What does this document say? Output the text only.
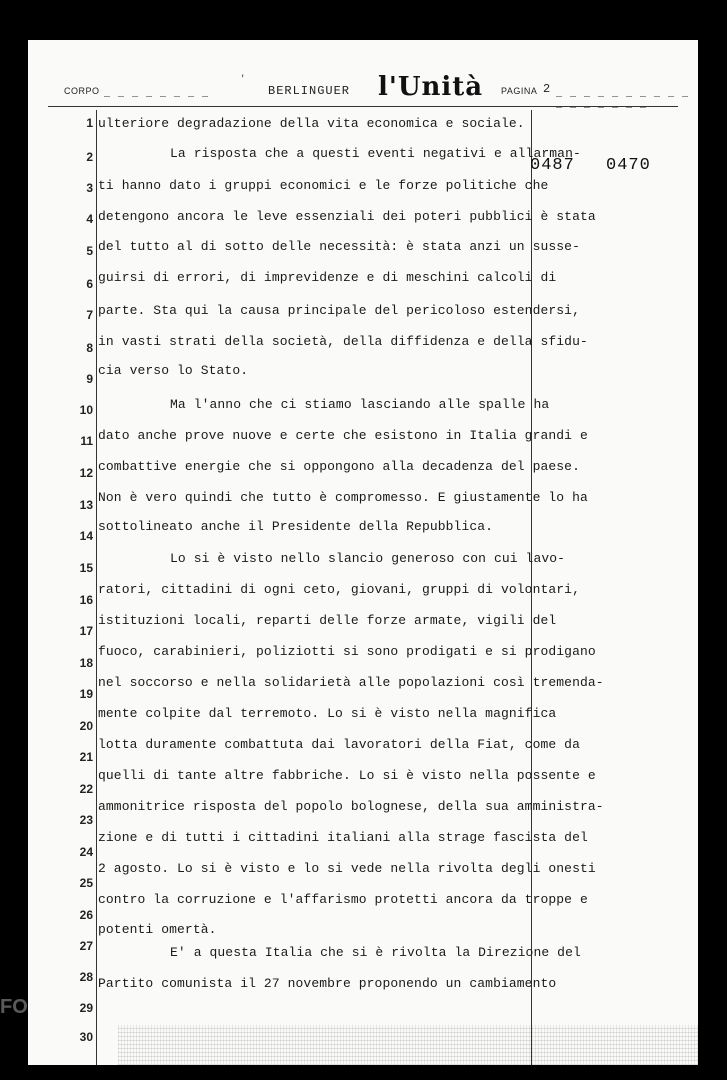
'
CORPO _ _ _ _ _ _ _ _	BERLINGUER l'Unità PAGINA 2 _ _ _ _ _ _ _ _ _ _ _ _ _ _ _ _ _
0487 0470
1
2
3
4
5
6
7
8
9
10
11
12
13
14
15
16
17
18
19
20
21
22
23
24
25
26
27
28
29
30
ulteriore degradazione della vita economica e sociale.
La risposta che a questi eventi negativi e allarman-
ti hanno dato i gruppi economici e le forze politiche che
detengono ancora le leve essenziali dei poteri pubblici è stata
del tutto al di sotto delle necessità: è stata anzi un susse-
guirsi di errori, di imprevidenze e di meschini calcoli di
parte. Sta qui la causa principale del pericoloso estendersi,
in vasti strati della società, della diffidenza e della sfidu-
cia verso lo Stato.
Ma l'anno che ci stiamo lasciando alle spalle ha
dato anche prove nuove e certe che esistono in Italia grandi e
combattive energie che si oppongono alla decadenza del paese.
Non è vero quindi che tutto è compromesso. E giustamente lo ha
sottolineato anche il Presidente della Repubblica.
Lo si è visto nello slancio generoso con cui lavo-
ratori, cittadini di ogni ceto, giovani, gruppi di volontari,
istituzioni locali, reparti delle forze armate, vigili del
fuoco, carabinieri, poliziotti si sono prodigati e si prodigano
nel soccorso e nella solidarietà alle popolazioni così tremenda-
mente colpite dal terremoto. Lo si è visto nella magnifica
lotta duramente combattuta dai lavoratori della Fiat, come da
quelli di tante altre fabbriche. Lo si è visto nella possente e
ammonitrice risposta del popolo bolognese, della sua amministra-
zione e di tutti i cittadini italiani alla strage fascista del
2 agosto. Lo si è visto e lo si vede nella rivolta degli onesti
contro la corruzione e l'affarismo protetti ancora da troppe e
potenti omertà.
E' a questa Italia che si è rivolta la Direzione del
Partito comunista il 27 novembre proponendo un cambiamento
FO
